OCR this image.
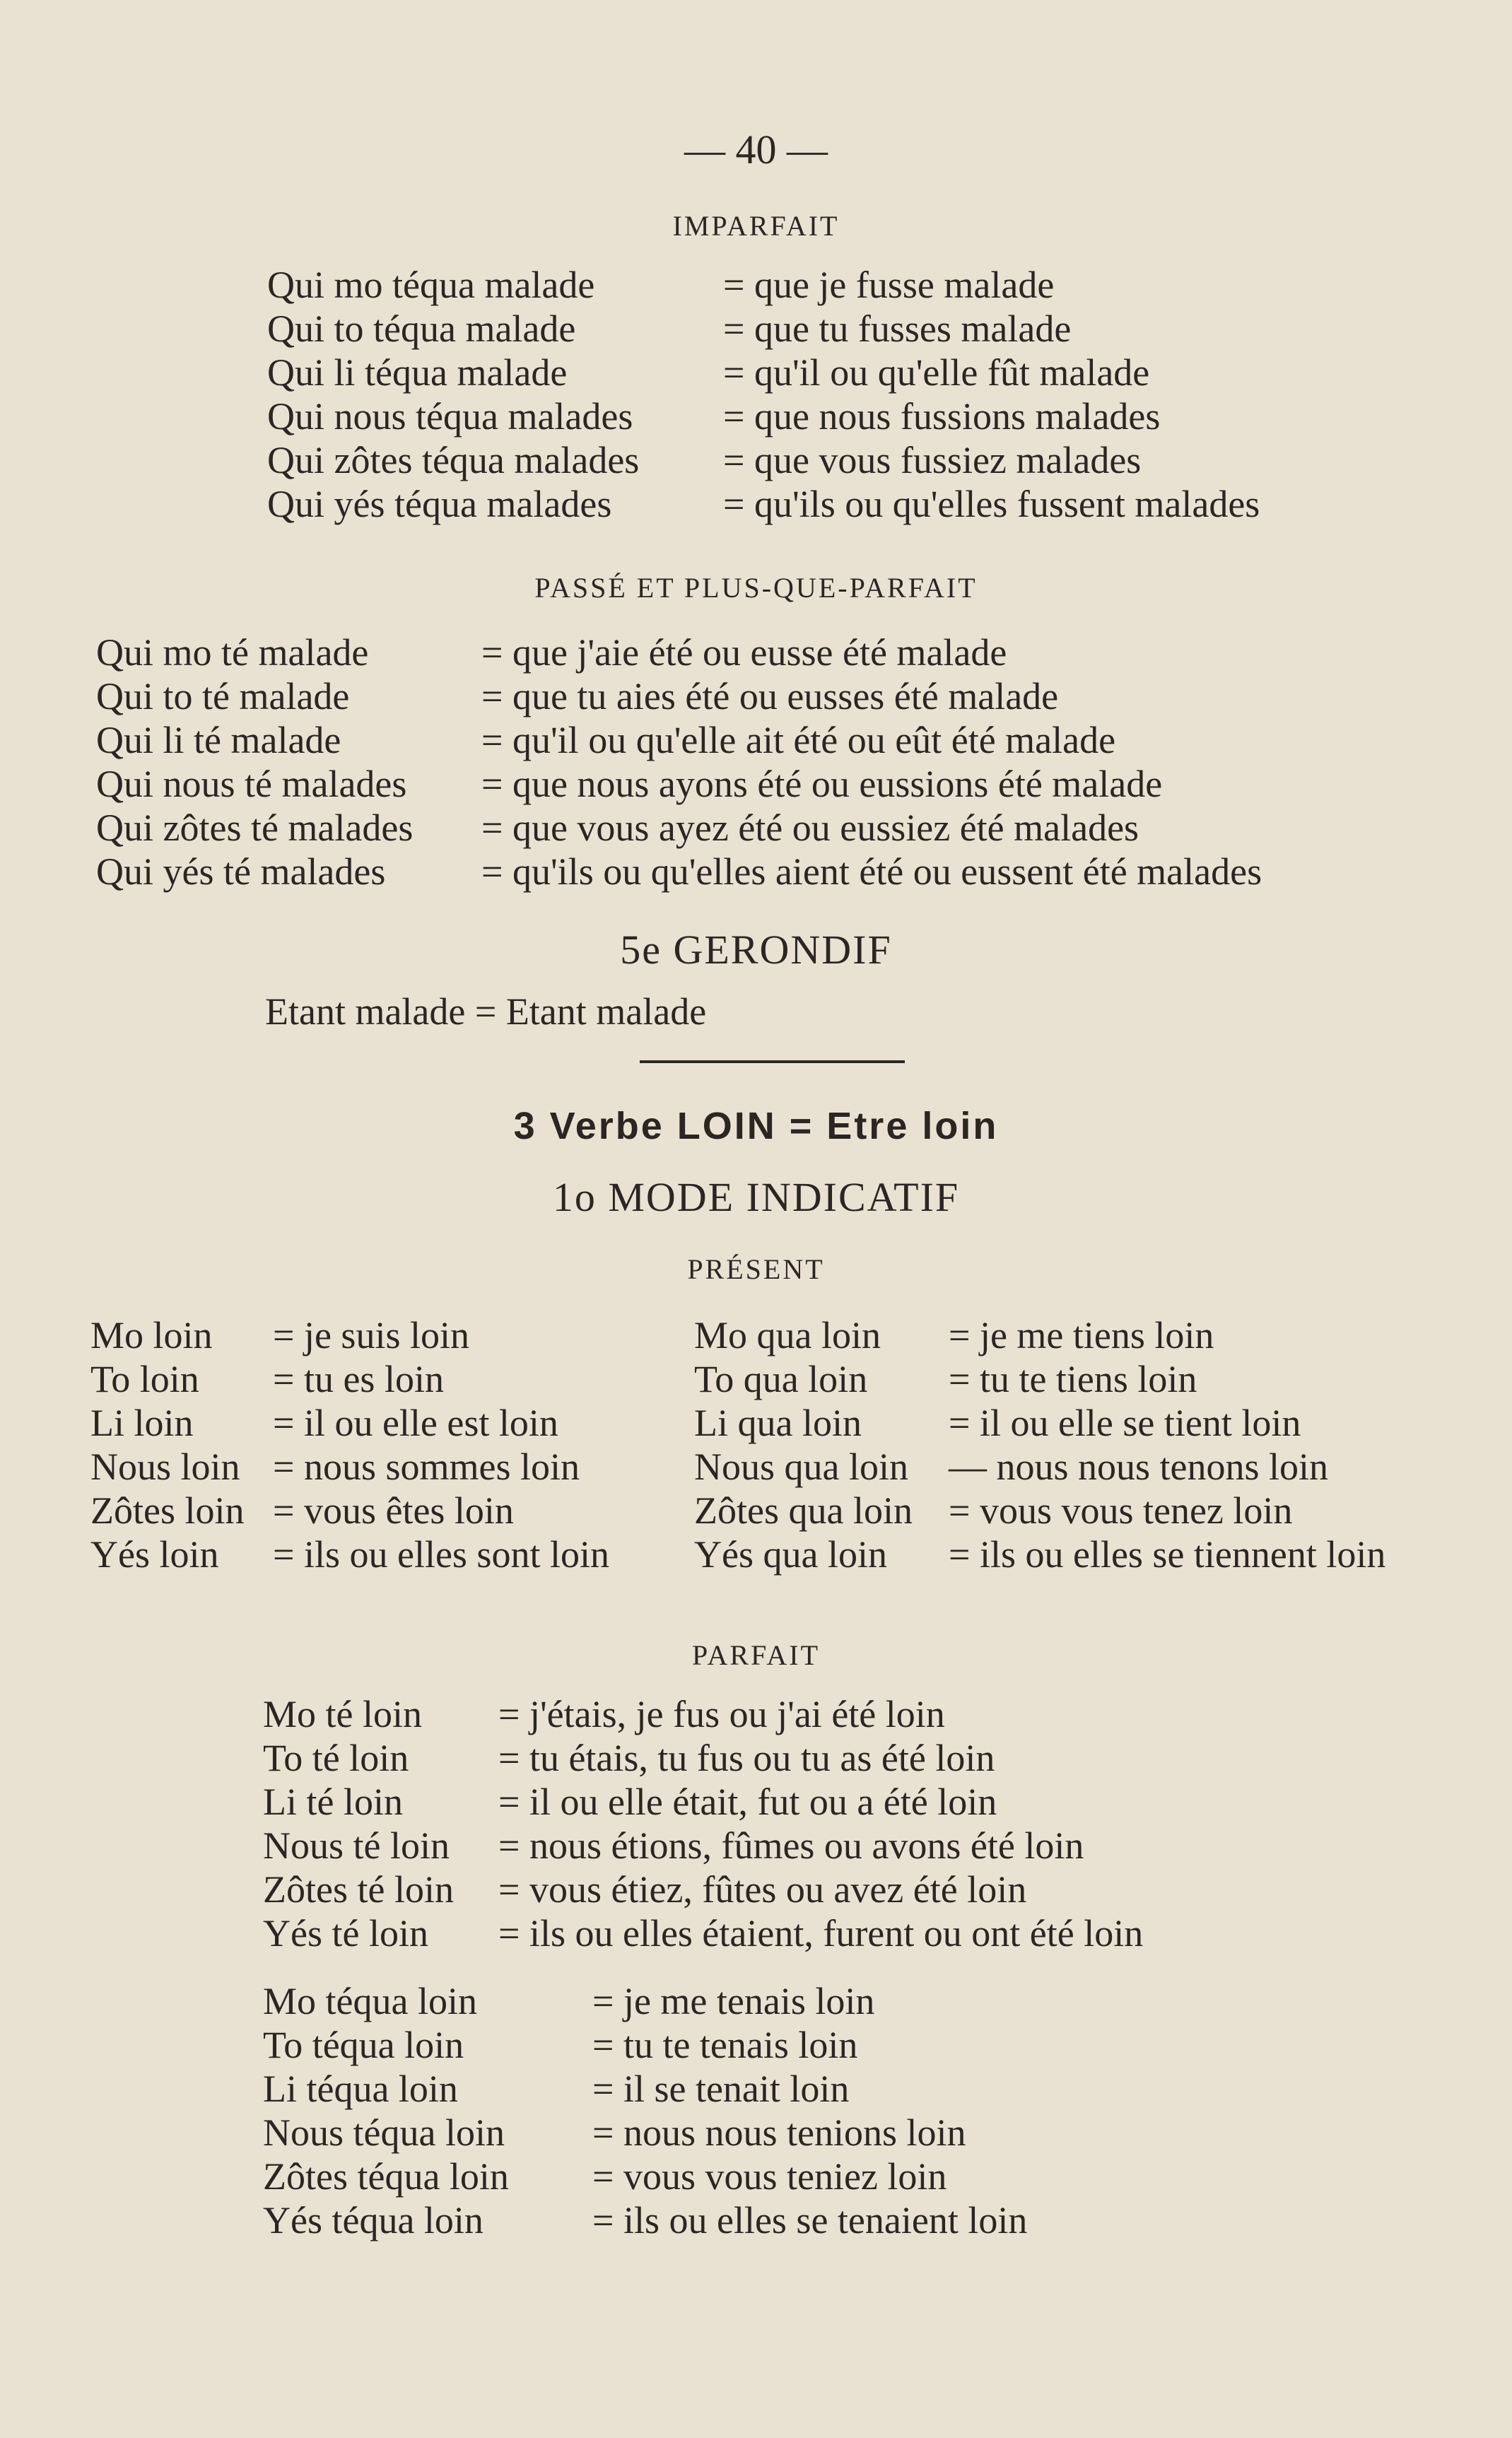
— 40 —
IMPARFAIT
Qui mo téqua malade	= que je fusse malade
Qui to téqua malade	= que tu fusses malade
Qui li téqua malade	= qu'il ou qu'elle fût malade
Qui nous téqua malades = que nous fussions malades
Qui zôtes téqua malades = que vous fussiez malades
Qui yés téqua malades	= qu'ils ou qu'elles fussent malades
PASSÉ ET PLUS-QUE-PARFAIT
Qui mo té malade	= que j'aie été ou eusse été malade
Qui to té malade	= que tu aies été ou eusses été malade
Qui li té malade	= qu'il ou qu'elle ait été ou eût été malade
Qui nous té malades = que nous ayons été ou eussions été malade
Qui zôtes té malades = que vous ayez été ou eussiez été malades
Qui yés té malades	= qu'ils ou qu'elles aient été ou eussent été malades
5e GERONDIF
Etant malade = Etant malade
3 Verbe LOIN = Etre loin
1o MODE INDICATIF
PRÉSENT
Mo loin = je suis loin
To loin = tu es loin
Li loin = il ou elle est loin
Nous loin = nous sommes loin
Zôtes loin = vous êtes loin
Yés loin = ils ou elles sont loin
Mo qua loin = je me tiens loin
To qua loin = tu te tiens loin
Li qua loin = il ou elle se tient loin
Nous qua loin — nous nous tenons loin
Zôtes qua loin = vous vous tenez loin
Yés qua loin = ils ou elles se tiennent loin
PARFAIT
Mo té loin = j'étais, je fus ou j'ai été loin
To té loin = tu étais, tu fus ou tu as été loin
Li té loin	= il ou elle était, fut ou a été loin
Nous té loin = nous étions, fûmes ou avons été loin
Zôtes té loin = vous étiez, fûtes ou avez été loin
Yés té loin = ils ou elles étaient, furent ou ont été loin
Mo téqua loin	= je me tenais loin
To téqua loin	= tu te tenais loin
Li téqua loin	= il se tenait loin
Nous téqua loin = nous nous tenions loin
Zôtes téqua loin = vous vous teniez loin
Yés téqua loin	= ils ou elles se tenaient loin
